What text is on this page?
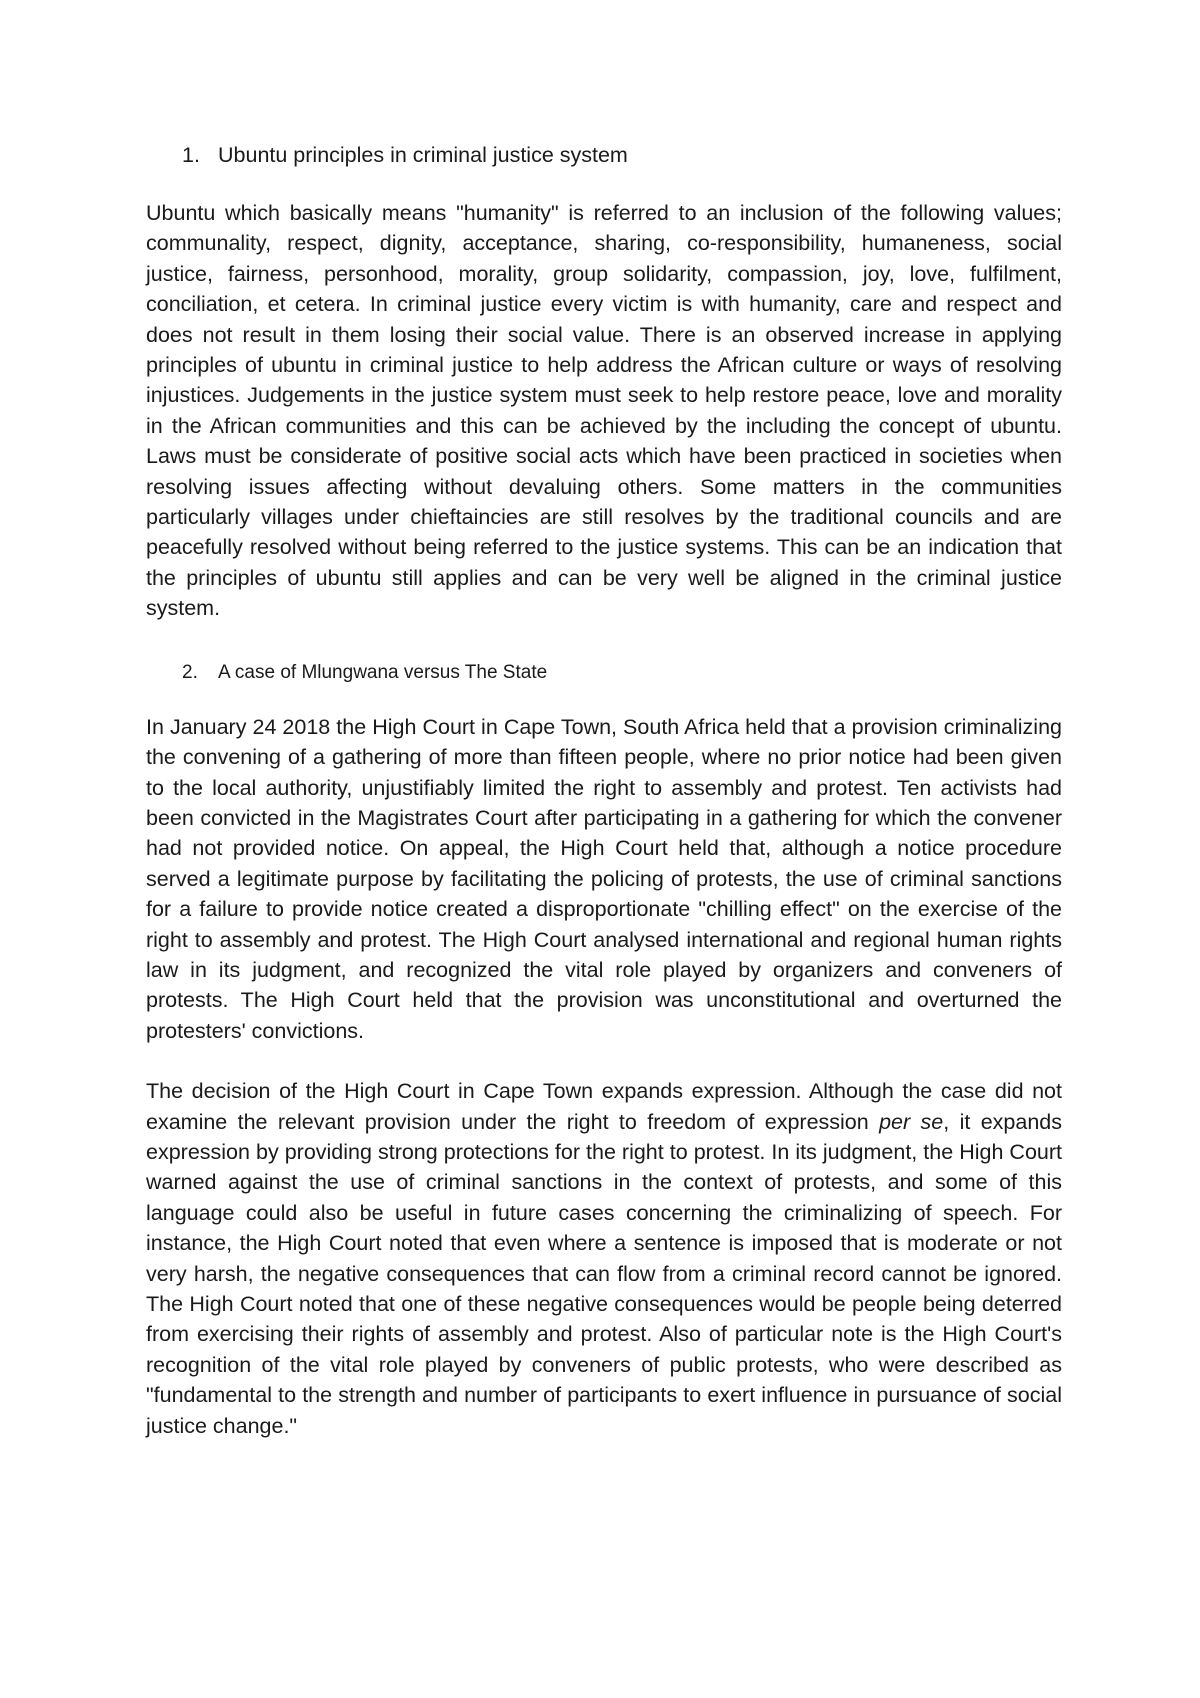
1. Ubuntu principles in criminal justice system

Ubuntu which basically means "humanity" is referred to an inclusion of the following values; communality, respect, dignity, acceptance, sharing, co-responsibility, humaneness, social justice, fairness, personhood, morality, group solidarity, compassion, joy, love, fulfilment, conciliation, et cetera. In criminal justice every victim is with humanity, care and respect and does not result in them losing their social value. There is an observed increase in applying principles of ubuntu in criminal justice to help address the African culture or ways of resolving injustices. Judgements in the justice system must seek to help restore peace, love and morality in the African communities and this can be achieved by the including the concept of ubuntu. Laws must be considerate of positive social acts which have been practiced in societies when resolving issues affecting without devaluing others. Some matters in the communities particularly villages under chieftaincies are still resolves by the traditional councils and are peacefully resolved without being referred to the justice systems. This can be an indication that the principles of ubuntu still applies and can be very well be aligned in the criminal justice system.

2.	A case of Mlungwana versus The State

In January 24 2018 the High Court in Cape Town, South Africa held that a provision criminalizing the convening of a gathering of more than fifteen people, where no prior notice had been given to the local authority, unjustifiably limited the right to assembly and protest. Ten activists had been convicted in the Magistrates Court after participating in a gathering for which the convener had not provided notice. On appeal, the High Court held that, although a notice procedure served a legitimate purpose by facilitating the policing of protests, the use of criminal sanctions for a failure to provide notice created a disproportionate "chilling effect" on the exercise of the right to assembly and protest. The High Court analysed international and regional human rights law in its judgment, and recognized the vital role played by organizers and conveners of protests. The High Court held that the provision was unconstitutional and overturned the protesters' convictions.

The decision of the High Court in Cape Town expands expression. Although the case did not examine the relevant provision under the right to freedom of expression per se, it expands expression by providing strong protections for the right to protest. In its judgment, the High Court warned against the use of criminal sanctions in the context of protests, and some of this language could also be useful in future cases concerning the criminalizing of speech. For instance, the High Court noted that even where a sentence is imposed that is moderate or not very harsh, the negative consequences that can flow from a criminal record cannot be ignored. The High Court noted that one of these negative consequences would be people being deterred from exercising their rights of assembly and protest. Also of particular note is the High Court's recognition of the vital role played by conveners of public protests, who were described as "fundamental to the strength and number of participants to exert influence in pursuance of social justice change."
